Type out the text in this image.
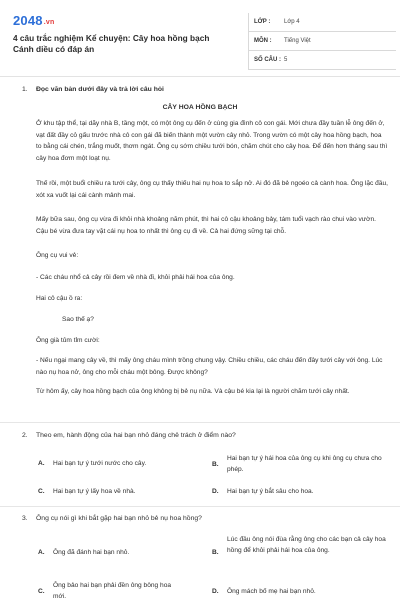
2048.vn
4 câu trắc nghiệm Kể chuyện: Cây hoa hồng bạch Cánh diều có đáp án
LỚP : Lớp 4
MÔN : Tiếng Việt
SỐ CÂU : 5
1. Đọc văn bản dưới đây và trả lời câu hỏi
CÂY HOA HỒNG BẠCH
Ở khu tập thể, tại dãy nhà B, tầng một, có một ông cụ đến ở cùng gia đình cô con gái. Mới chưa đầy tuần lễ ông đến ở, vạt đất đầy cỏ gấu trước nhà cô con gái đã biến thành một vườn cây nhỏ. Trong vườn có một cây hoa hồng bạch, hoa to bằng cái chén, trắng muốt, thơm ngát. Ông cụ sớm chiều tưới bón, chăm chút cho cây hoa. Để đến hơn tháng sau thì cây hoa đơm một loạt nụ.
Thế rồi, một buổi chiều ra tưới cây, ông cụ thấy thiếu hai nụ hoa to sắp nở. Ai đó đã bẻ ngoéo cả cành hoa. Ông lặc đầu, xót xa vuốt lại cái cành mảnh mai.
Mấy bữa sau, ông cụ vừa đi khỏi nhà khoảng năm phút, thì hai cô cậu khoảng bảy, tám tuổi vạch rào chui vào vườn. Cậu bé vừa đưa tay vặt cái nụ hoa to nhất thì ông cụ đi về. Cả hai đứng sững tại chỗ.
Ông cụ vui vẻ:
- Các cháu nhổ cả cây rồi đem về nhà đi, khỏi phải hái hoa của ông.
Hai cô cậu ồ ra:
Sao thế ạ?
Ông già tủm tỉm cười:
- Nếu ngại mang cây về, thì mấy ông cháu mình trồng chung vậy. Chiều chiều, các cháu đến đây tưới cây với ông. Lúc nào nụ hoa nở, ông cho mỗi cháu một bông. Được không?
Từ hôm ấy, cây hoa hồng bạch của ông không bị bẻ nụ nữa. Và cậu bé kia lại là người chăm tưới cây nhất.
2. Theo em, hành động của hai bạn nhỏ đáng chê trách ở điểm nào?
A. Hai bạn tự ý tưới nước cho cây.	B.
Hai bạn tự ý hái hoa của ông cụ khi ông cụ chưa cho phép.
C. Hai bạn tự ý lấy hoa về nhà.	D. Hai bạn tự ý bắt sâu cho hoa.
3. Ông cụ nói gì khi bắt gặp hai bạn nhỏ bẻ nụ hoa hồng?
A. Ông đã đánh hai bạn nhỏ.	B.
Lúc đầu ông nói đùa rằng ông cho các bạn cả cây hoa hồng để khỏi phải hái hoa của ông.
C.
Ông bảo hai bạn phải đền ông bông hoa mới.
D. Ông mách bố mẹ hai bạn nhỏ.
